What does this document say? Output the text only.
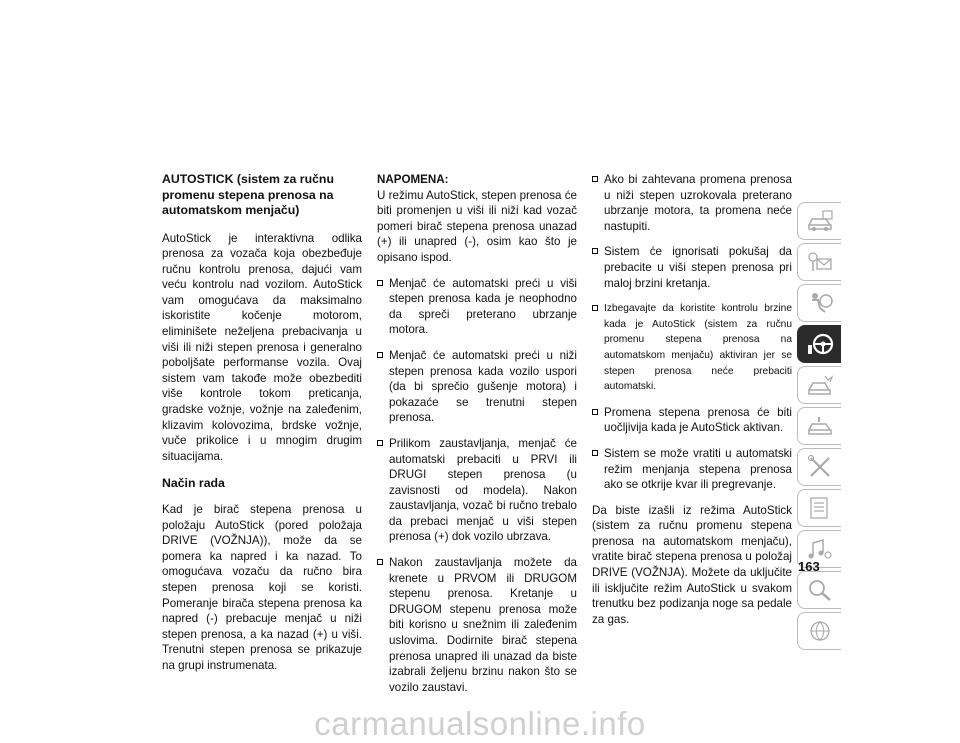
AUTOSTICK (sistem za ručnu promenu stepena prenosa na automatskom menjaču)

AutoStick je interaktivna odlika prenosa za vozača koja obezbeđuje ručnu kontrolu prenosa, dajući vam veću kontrolu nad vozilom. AutoStick vam omogućava da maksimalno iskoristite kočenje motorom, eliminišete neželjena prebacivanja u viši ili niži stepen prenosa i generalno poboljšate performanse vozila. Ovaj sistem vam takođe može obezbediti više kontrole tokom preticanja, gradske vožnje, vožnje na zaleđenim, klizavim kolovozima, brdske vožnje, vuče prikolice i u mnogim drugim situacijama.

Način rada

Kad je birač stepena prenosa u položaju AutoStick (pored položaja DRIVE (VOŽNJA)), može da se pomera ka napred i ka nazad. To omogućava vozaču da ručno bira stepen prenosa koji se koristi. Pomeranje birača stepena prenosa ka napred (-) prebacuje menjač u niži stepen prenosa, a ka nazad (+) u viši. Trenutni stepen prenosa se prikazuje na grupi instrumenata.

NAPOMENA:

U režimu AutoStick, stepen prenosa će biti promenjen u viši ili niži kad vozač pomeri birač stepena prenosa unazad (+) ili unapred (-), osim kao što je opisano ispod.

Menjač će automatski preći u viši stepen prenosa kada je neophodno da spreči preterano ubrzanje motora.
Menjač će automatski preći u niži stepen prenosa kada vozilo uspori (da bi sprečio gušenje motora) i pokazaće se trenutni stepen prenosa.
Prilikom zaustavljanja, menjač će automatski prebaciti u PRVI ili DRUGI stepen prenosa (u zavisnosti od modela). Nakon zaustavljanja, vozač bi ručno trebalo da prebaci menjač u viši stepen prenosa (+) dok vozilo ubrzava.
Nakon zaustavljanja možete da krenete u PRVOM ili DRUGOM stepenu prenosa. Kretanje u DRUGOM stepenu prenosa može biti korisno u snežnim ili zaleđenim uslovima. Dodirnite birač stepena prenosa unapred ili unazad da biste izabrali željenu brzinu nakon što se vozilo zaustavi.
Ako bi zahtevana promena prenosa u niži stepen uzrokovala preterano ubrzanje motora, ta promena neće nastupiti.
Sistem će ignorisati pokušaj da prebacite u viši stepen prenosa pri maloj brzini kretanja.
Izbegavajte da koristite kontrolu brzine kada je AutoStick (sistem za ručnu promenu stepena prenosa na automatskom menjaču) aktiviran jer se stepen prenosa neće prebaciti automatski.
Promena stepena prenosa će biti uočljivija kada je AutoStick aktivan.
Sistem se može vratiti u automatski režim menjanja stepena prenosa ako se otkrije kvar ili pregrevanje.

Da biste izašli iz režima AutoStick (sistem za ručnu promenu stepena prenosa na automatskom menjaču), vratite birač stepena prenosa u položaj DRIVE (VOŽNJA). Možete da uključite ili isključite režim AutoStick u svakom trenutku bez podizanja noge sa pedale za gas.

163
carmanualsonline.info
